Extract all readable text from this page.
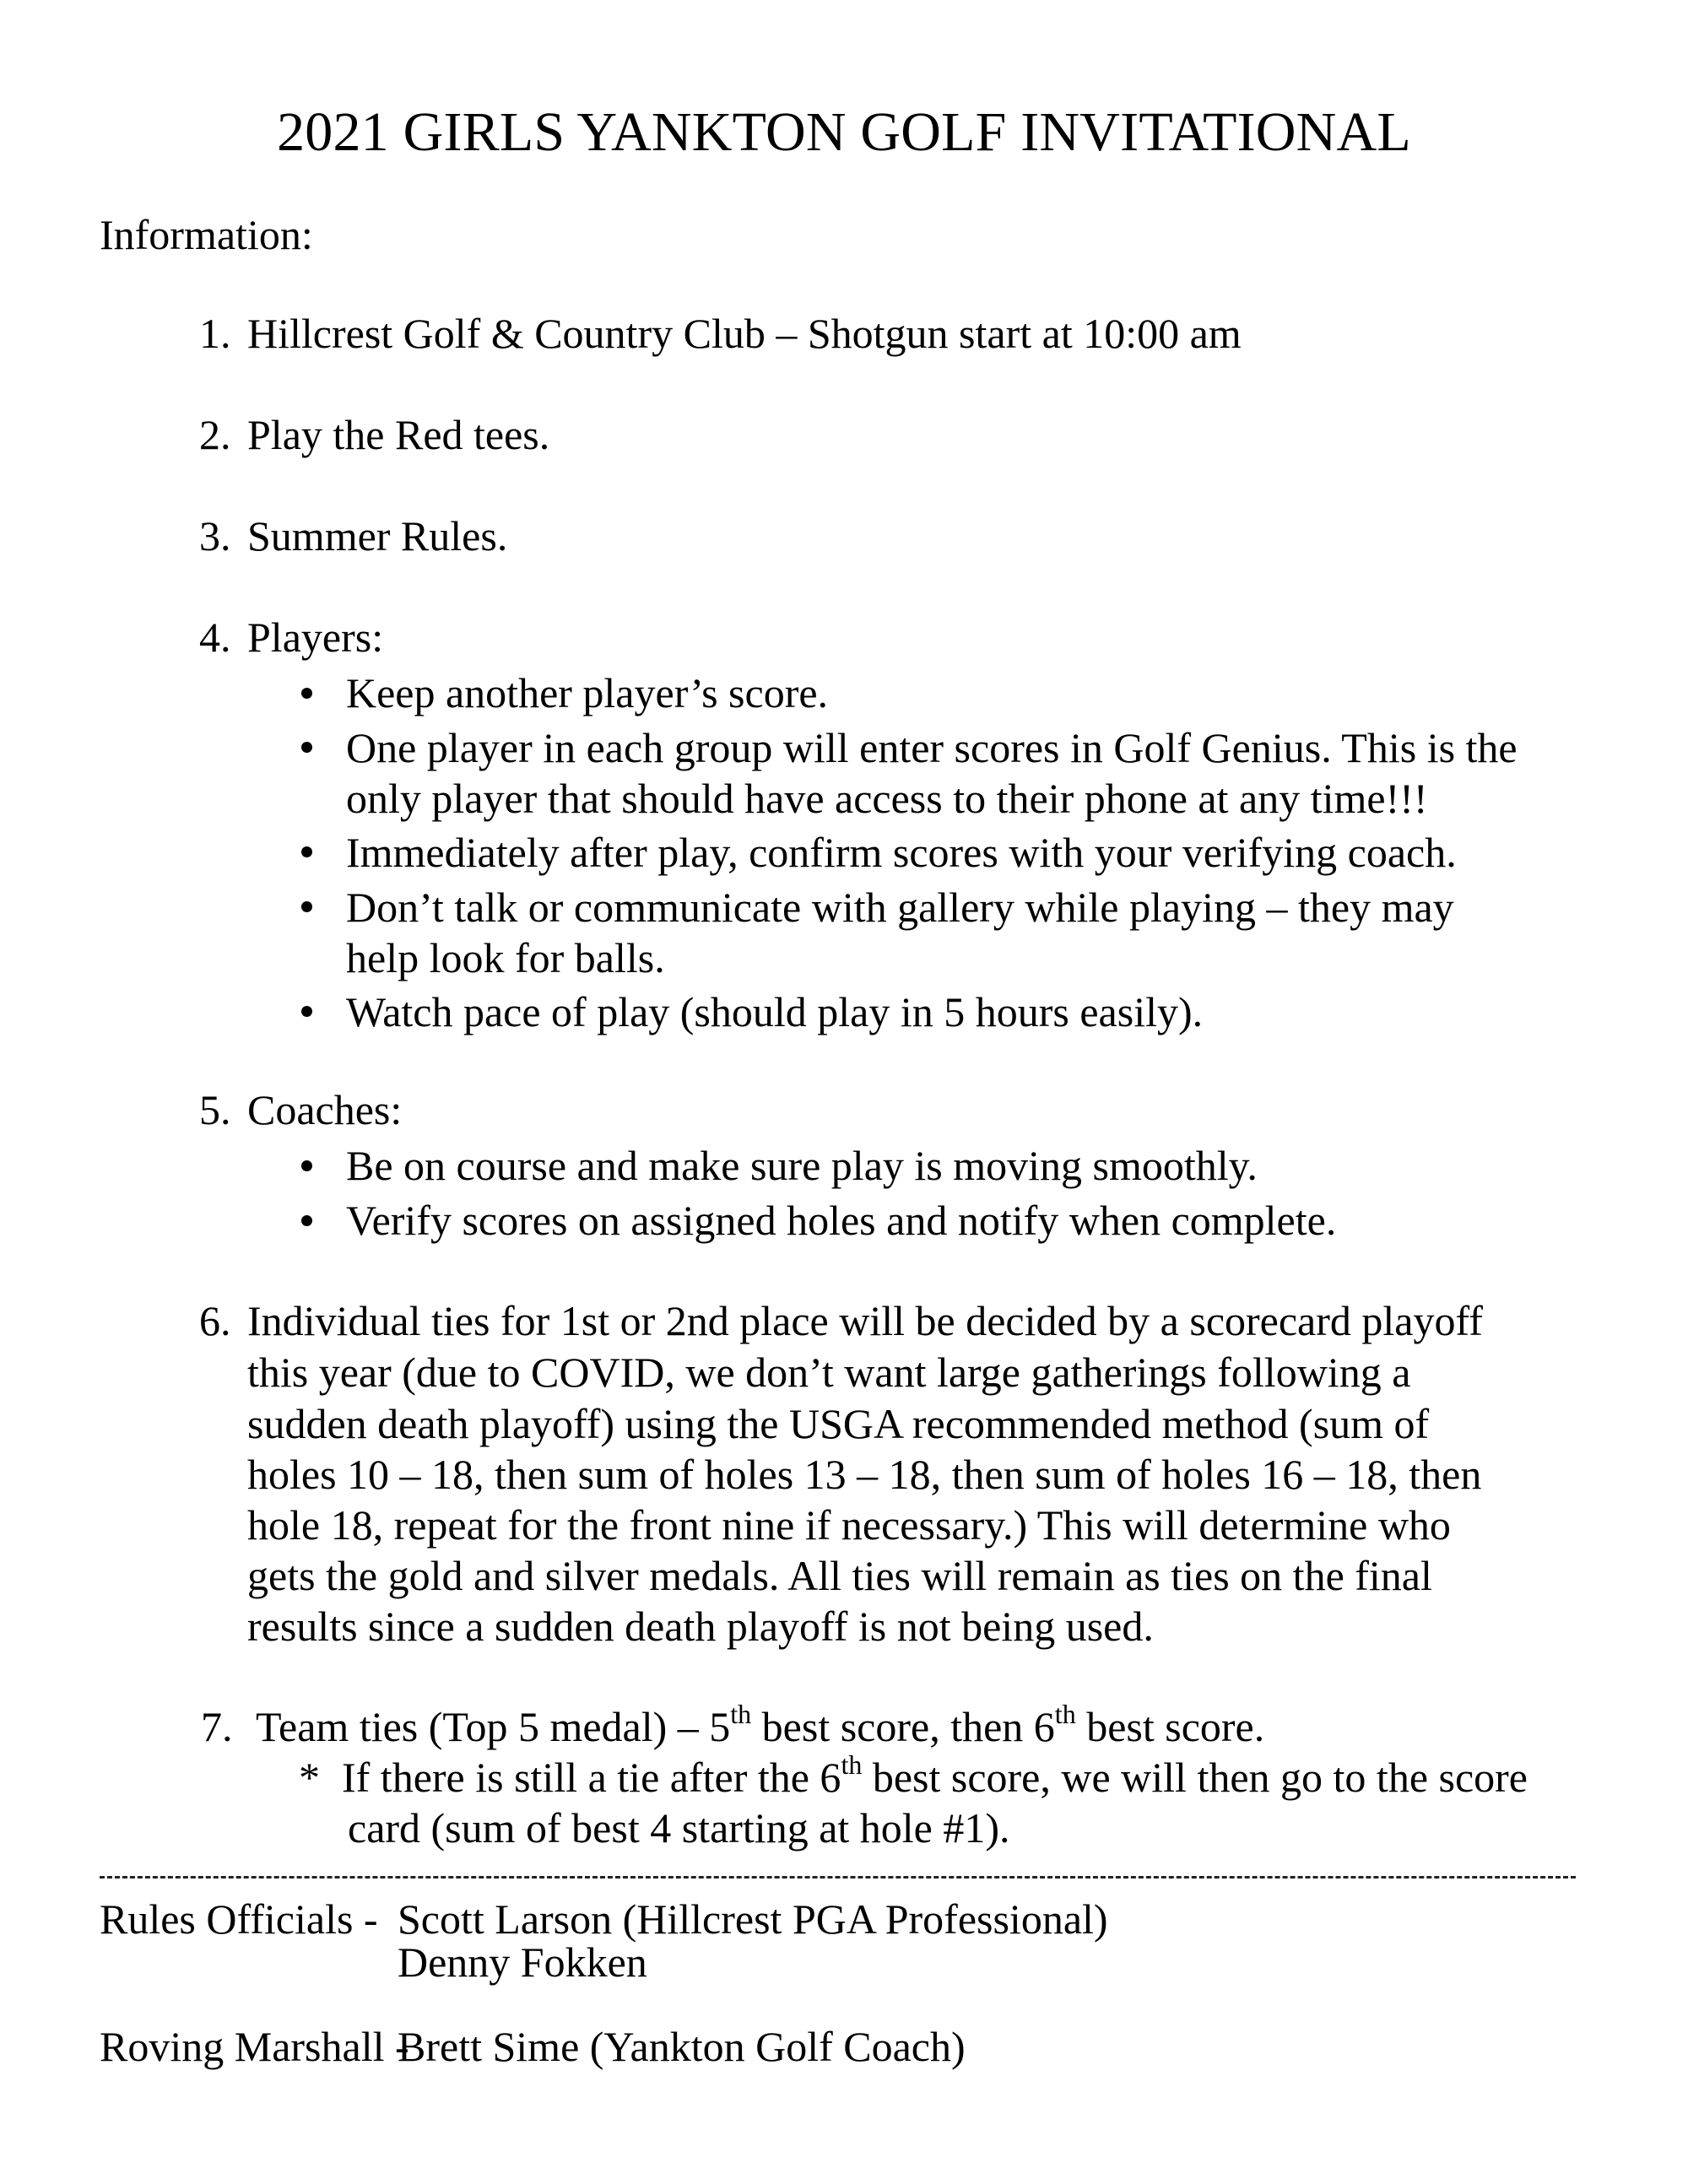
2021 GIRLS YANKTON GOLF INVITATIONAL
Information:
1. Hillcrest Golf & Country Club – Shotgun start at 10:00 am
2. Play the Red tees.
3. Summer Rules.
4. Players:
Keep another player’s score.
One player in each group will enter scores in Golf Genius. This is the
only player that should have access to their phone at any time!!!
Immediately after play, confirm scores with your verifying coach.
Don’t talk or communicate with gallery while playing – they may
help look for balls.
Watch pace of play (should play in 5 hours easily).
5. Coaches:
Be on course and make sure play is moving smoothly.
Verify scores on assigned holes and notify when complete.
6. Individual ties for 1st or 2nd place will be decided by a scorecard playoff
this year (due to COVID, we don’t want large gatherings following a
sudden death playoff) using the USGA recommended method (sum of
holes 10 – 18, then sum of holes 13 – 18, then sum of holes 16 – 18, then
hole 18, repeat for the front nine if necessary.) This will determine who
gets the gold and silver medals. All ties will remain as ties on the final
results since a sudden death playoff is not being used.
7. Team ties (Top 5 medal) – 5th best score, then 6th best score.
* If there is still a tie after the 6th best score, we will then go to the score
card (sum of best 4 starting at hole #1).
Rules Officials - Scott Larson (Hillcrest PGA Professional)
Denny Fokken
Roving Marshall -
Brett Sime (Yankton Golf Coach)
